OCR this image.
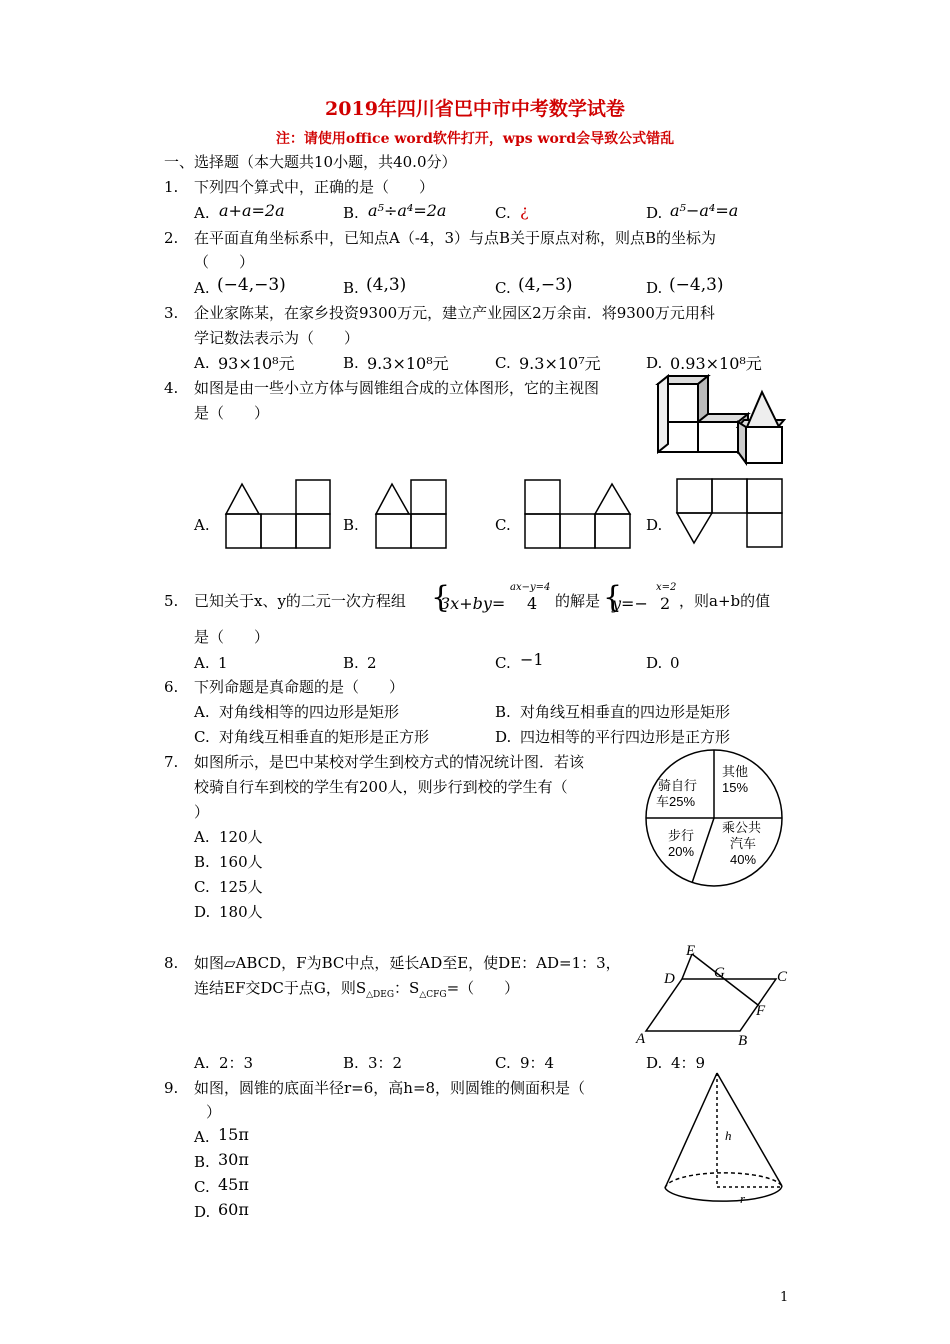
2019年四川省巴中市中考数学试卷
注：请使用office word软件打开，wps word会导致公式错乱
一、选择题（本大题共10小题，共40.0分）
1. 下列四个算式中，正确的是（　　）
A. a+a=2a	B. a⁵÷a⁴=2a	C. ¿	D. a⁵−a⁴=a
2. 在平面直角坐标系中，已知点A（-4，3）与点B关于原点对称，则点B的坐标为
（　　）
A. (−4,−3)	B. (4,3)	C. (4,−3)	D. (−4,3)
3. 企业家陈某，在家乡投资9300万元，建立产业园区2万余亩．将9300万元用科
学记数法表示为（　　）
A. 93×10⁸元	B. 9.3×10⁸元	C. 9.3×10⁷元	D. 0.93×10⁸元
4. 如图是由一些小立方体与圆锥组合成的立体图形，它的主视图
是（　　）
A.	B.	C.	D.
5. 已知关于x、y的二元一次方程组 {	ax−y=4
3x+by= 4 的解是 {	x=2
y=− 2 ，则a+b的值
是（　　）
A. 1	B. 2	C. −1	D. 0
6. 下列命题是真命题的是（　　）
A. 对角线相等的四边形是矩形	B. 对角线互相垂直的四边形是矩形
C. 对角线互相垂直的矩形是正方形	D. 四边相等的平行四边形是正方形
7. 如图所示，是巴中某校对学生到校方式的情况统计图．若该
校骑自行车到校的学生有200人，则步行到校的学生有（
）
A. 120人
B. 160人
C. 125人
D. 180人
骑自行
车25%
其他
15%
乘公共
汽车
40%
步行
20%
8. 如图▱ABCD，F为BC中点，延长AD至E，使DE：AD=1：3，
连结EF交DC于点G，则$S_{\triangle DEG}$：$S_{\triangle CFG}=$（　　）
E
D	G	C
F
A	B
A. 2：3	B. 3：2	C. 9：4	D. 4：9
9. 如图，圆锥的底面半径r=6，高h=8，则圆锥的侧面积是（
）
A. 15π
B. 30π
C. 45π
D. 60π
h
r
1
